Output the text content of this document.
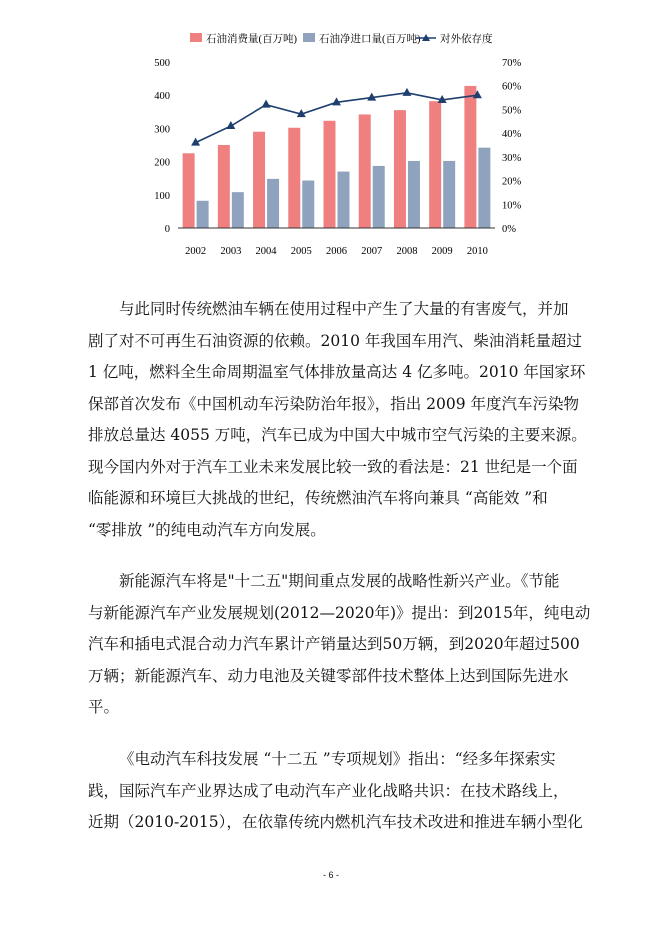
石油消费量(百万吨) 石油净进口量(百万吨) 对外依存度
0
100
200
300
400
500
0%
10%
20%
30%
40%
50%
60%
70%
2002 2003 2004 2005 2006 2007 2008 2009 2010

与此同时传统燃油车辆在使用过程中产生了大量的有害废气，并加
剧了对不可再生石油资源的依赖。2010 年我国车用汽、柴油消耗量超过
1 亿吨，燃料全生命周期温室气体排放量高达 4 亿多吨。2010 年国家环
保部首次发布《中国机动车污染防治年报》，指出 2009 年度汽车污染物
排放总量达 4055 万吨，汽车已成为中国大中城市空气污染的主要来源。
现今国内外对于汽车工业未来发展比较一致的看法是：21 世纪是一个面
临能源和环境巨大挑战的世纪，传统燃油汽车将向兼具 “高能效 ”和
“零排放 ”的纯电动汽车方向发展。

新能源汽车将是"十二五"期间重点发展的战略性新兴产业。《节能
与新能源汽车产业发展规划(2012—2020年)》提出：到2015年，纯电动
汽车和插电式混合动力汽车累计产销量达到50万辆，到2020年超过500
万辆；新能源汽车、动力电池及关键零部件技术整体上达到国际先进水
平。

《电动汽车科技发展 “十二五 ”专项规划》指出：“经多年探索实
践，国际汽车产业界达成了电动汽车产业化战略共识：在技术路线上，
近期（2010-2015），在依靠传统内燃机汽车技术改进和推进车辆小型化

- 6 -
